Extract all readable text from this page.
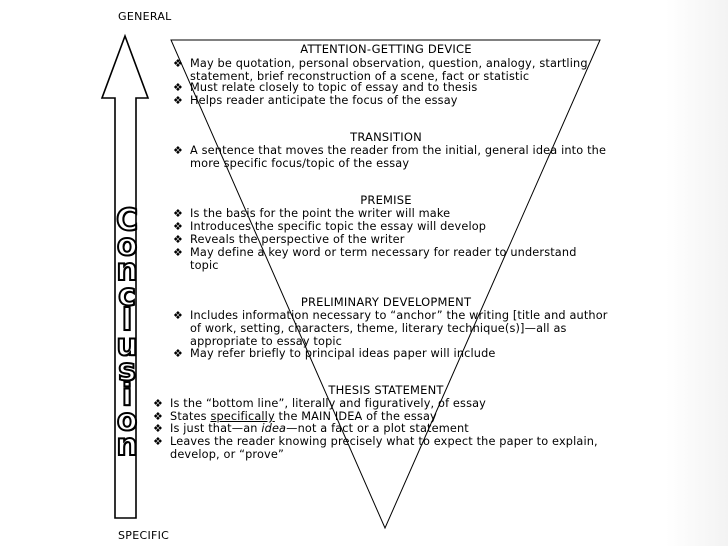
GENERAL
SPECIFIC
C
o
n
c
l
u
s
i
o
n
ATTENTION-GETTING DEVICE
❖ May be quotation, personal observation, question, analogy, startling
statement, brief reconstruction of a scene, fact or statistic
❖ Must relate closely to topic of essay and to thesis
❖ Helps reader anticipate the focus of the essay
TRANSITION
❖ A sentence that moves the reader from the initial, general idea into the
more specific focus/topic of the essay
PREMISE
❖ Is the basis for the point the writer will make
❖ Introduces the specific topic the essay will develop
❖ Reveals the perspective of the writer
❖ May define a key word or term necessary for reader to understand
topic
PRELIMINARY DEVELOPMENT
❖ Includes information necessary to “anchor” the writing [title and author
of work, setting, characters, theme, literary technique(s)]—all as
appropriate to essay topic
❖ May refer briefly to principal ideas paper will include
THESIS STATEMENT
❖ Is the “bottom line”, literally and figuratively, of essay
❖ States specifically the MAIN IDEA of the essay
❖ Is just that—an idea—not a fact or a plot statement
❖ Leaves the reader knowing precisely what to expect the paper to explain,
develop, or “prove”
